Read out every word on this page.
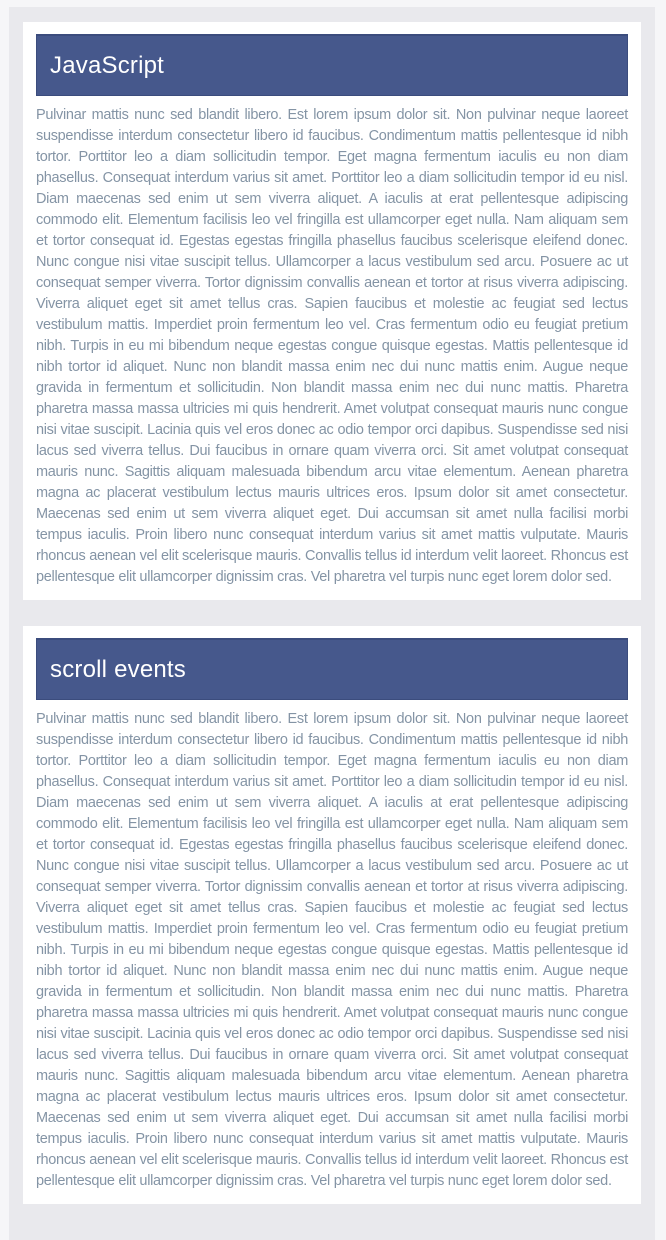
JavaScript

Pulvinar mattis nunc sed blandit libero. Est lorem ipsum dolor sit. Non pulvinar neque laoreet suspendisse interdum consectetur libero id faucibus. Condimentum mattis pellentesque id nibh tortor. Porttitor leo a diam sollicitudin tempor. Eget magna fermentum iaculis eu non diam phasellus. Consequat interdum varius sit amet. Porttitor leo a diam sollicitudin tempor id eu nisl. Diam maecenas sed enim ut sem viverra aliquet. A iaculis at erat pellentesque adipiscing commodo elit. Elementum facilisis leo vel fringilla est ullamcorper eget nulla. Nam aliquam sem et tortor consequat id. Egestas egestas fringilla phasellus faucibus scelerisque eleifend donec. Nunc congue nisi vitae suscipit tellus. Ullamcorper a lacus vestibulum sed arcu. Posuere ac ut consequat semper viverra. Tortor dignissim convallis aenean et tortor at risus viverra adipiscing. Viverra aliquet eget sit amet tellus cras. Sapien faucibus et molestie ac feugiat sed lectus vestibulum mattis. Imperdiet proin fermentum leo vel. Cras fermentum odio eu feugiat pretium nibh. Turpis in eu mi bibendum neque egestas congue quisque egestas. Mattis pellentesque id nibh tortor id aliquet. Nunc non blandit massa enim nec dui nunc mattis enim. Augue neque gravida in fermentum et sollicitudin. Non blandit massa enim nec dui nunc mattis. Pharetra pharetra massa massa ultricies mi quis hendrerit. Amet volutpat consequat mauris nunc congue nisi vitae suscipit. Lacinia quis vel eros donec ac odio tempor orci dapibus. Suspendisse sed nisi lacus sed viverra tellus. Dui faucibus in ornare quam viverra orci. Sit amet volutpat consequat mauris nunc. Sagittis aliquam malesuada bibendum arcu vitae elementum. Aenean pharetra magna ac placerat vestibulum lectus mauris ultrices eros. Ipsum dolor sit amet consectetur. Maecenas sed enim ut sem viverra aliquet eget. Dui accumsan sit amet nulla facilisi morbi tempus iaculis. Proin libero nunc consequat interdum varius sit amet mattis vulputate. Mauris rhoncus aenean vel elit scelerisque mauris. Convallis tellus id interdum velit laoreet. Rhoncus est pellentesque elit ullamcorper dignissim cras. Vel pharetra vel turpis nunc eget lorem dolor sed.

scroll events

Pulvinar mattis nunc sed blandit libero. Est lorem ipsum dolor sit. Non pulvinar neque laoreet suspendisse interdum consectetur libero id faucibus. Condimentum mattis pellentesque id nibh tortor. Porttitor leo a diam sollicitudin tempor. Eget magna fermentum iaculis eu non diam phasellus. Consequat interdum varius sit amet. Porttitor leo a diam sollicitudin tempor id eu nisl. Diam maecenas sed enim ut sem viverra aliquet. A iaculis at erat pellentesque adipiscing commodo elit. Elementum facilisis leo vel fringilla est ullamcorper eget nulla. Nam aliquam sem et tortor consequat id. Egestas egestas fringilla phasellus faucibus scelerisque eleifend donec. Nunc congue nisi vitae suscipit tellus. Ullamcorper a lacus vestibulum sed arcu. Posuere ac ut consequat semper viverra. Tortor dignissim convallis aenean et tortor at risus viverra adipiscing. Viverra aliquet eget sit amet tellus cras. Sapien faucibus et molestie ac feugiat sed lectus vestibulum mattis. Imperdiet proin fermentum leo vel. Cras fermentum odio eu feugiat pretium nibh. Turpis in eu mi bibendum neque egestas congue quisque egestas. Mattis pellentesque id nibh tortor id aliquet. Nunc non blandit massa enim nec dui nunc mattis enim. Augue neque gravida in fermentum et sollicitudin. Non blandit massa enim nec dui nunc mattis. Pharetra pharetra massa massa ultricies mi quis hendrerit. Amet volutpat consequat mauris nunc congue nisi vitae suscipit. Lacinia quis vel eros donec ac odio tempor orci dapibus. Suspendisse sed nisi lacus sed viverra tellus. Dui faucibus in ornare quam viverra orci. Sit amet volutpat consequat mauris nunc. Sagittis aliquam malesuada bibendum arcu vitae elementum. Aenean pharetra magna ac placerat vestibulum lectus mauris ultrices eros. Ipsum dolor sit amet consectetur. Maecenas sed enim ut sem viverra aliquet eget. Dui accumsan sit amet nulla facilisi morbi tempus iaculis. Proin libero nunc consequat interdum varius sit amet mattis vulputate. Mauris rhoncus aenean vel elit scelerisque mauris. Convallis tellus id interdum velit laoreet. Rhoncus est pellentesque elit ullamcorper dignissim cras. Vel pharetra vel turpis nunc eget lorem dolor sed.
